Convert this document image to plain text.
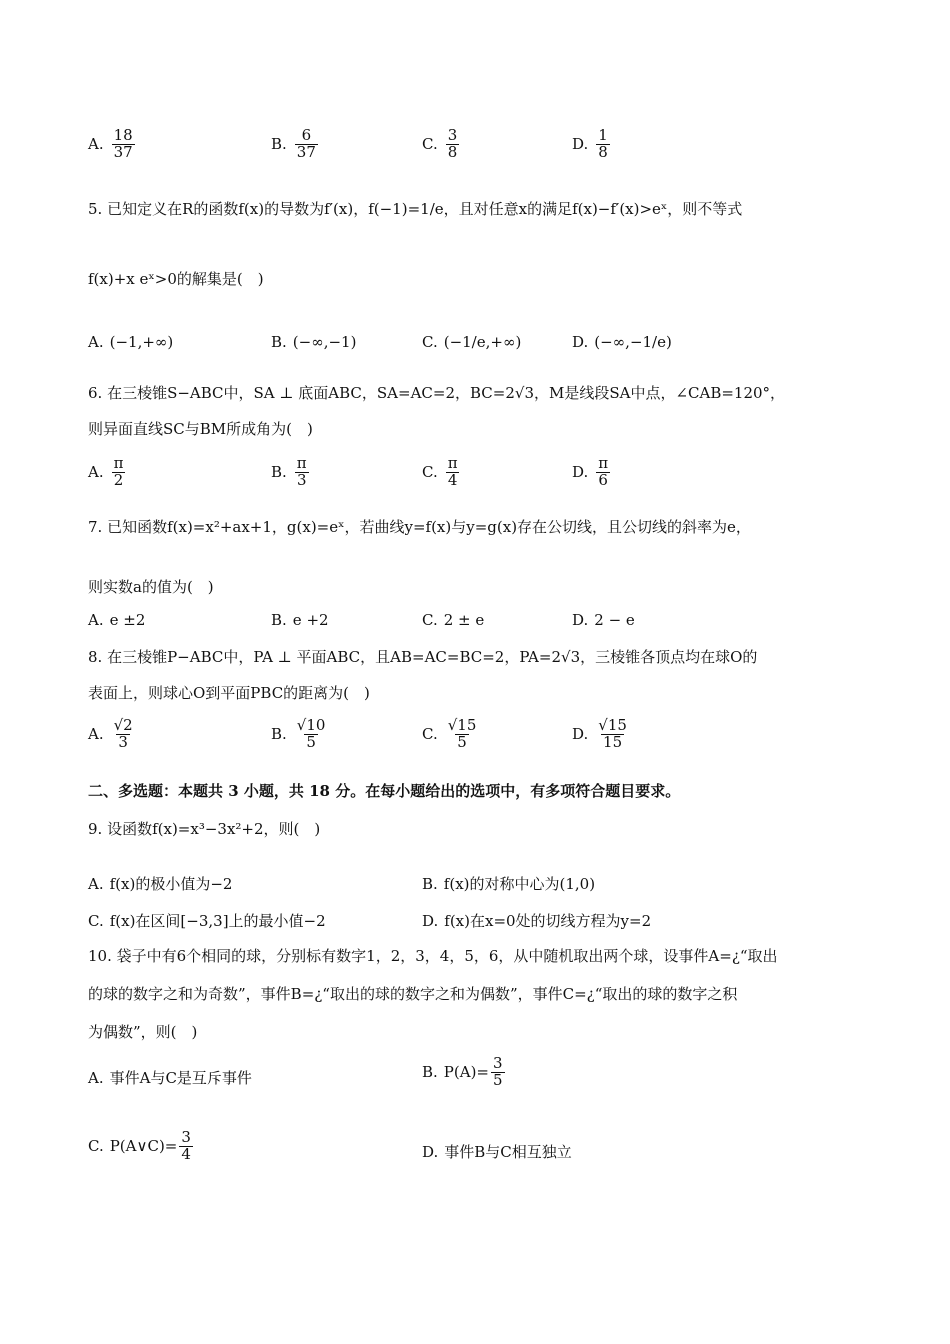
A. $\frac{18}{37}$	B. $\frac{6}{37}$	C. $\frac{3}{8}$	D. $\frac{1}{8}$
5. 已知定义在R的函数f(x)的导数为f′(x)，f(−1)=1/e，且对任意x的满足f(x)−f′(x)>eˣ，则不等式
f(x)+x eˣ>0的解集是(　)
A. (−1,+∞)	B. (−∞,−1)	C. (−1/e,+∞)	D. (−∞,−1/e)
6. 在三棱锥S−ABC中，SA ⊥ 底面ABC，SA=AC=2，BC=2√3，M是线段SA中点，∠CAB=120°，
则异面直线SC与BM所成角为(　)
A. $\frac{\pi}{2}$	B. $\frac{\pi}{3}$	C. $\frac{\pi}{4}$	D. $\frac{\pi}{6}$
7. 已知函数f(x)=x²+ax+1，g(x)=eˣ，若曲线y=f(x)与y=g(x)存在公切线，且公切线的斜率为e，
则实数a的值为(　)
A. e ±2	B. e +2	C. 2 ± e	D. 2 − e
8. 在三棱锥P−ABC中，PA ⊥ 平面ABC，且AB=AC=BC=2，PA=2√3，三棱锥各顶点均在球O的
表面上，则球心O到平面PBC的距离为(　)
A. $\frac{√2}{3}$	B. $\frac{√10}{5}$	C. $\frac{√15}{5}$	D. $\frac{√15}{15}$
二、多选题：本题共 3 小题，共 18 分。在每小题给出的选项中，有多项符合题目要求。
9. 设函数f(x)=x³−3x²+2，则(　)
A. f(x)的极小值为−2	B. f(x)的对称中心为(1,0)
C. f(x)在区间[−3,3]上的最小值−2	D. f(x)在x=0处的切线方程为y=2
10. 袋子中有6个相同的球，分别标有数字1，2，3，4，5，6，从中随机取出两个球，设事件A=¿“取出
的球的数字之和为奇数”，事件B=¿“取出的球的数字之和为偶数”，事件C=¿“取出的球的数字之积
为偶数”，则(　)
A. 事件A与C是互斥事件	B. $P(A)= \frac{3}{5}$
C. P(A∨C)= $\frac{3}{4}$	D. 事件B与C相互独立
